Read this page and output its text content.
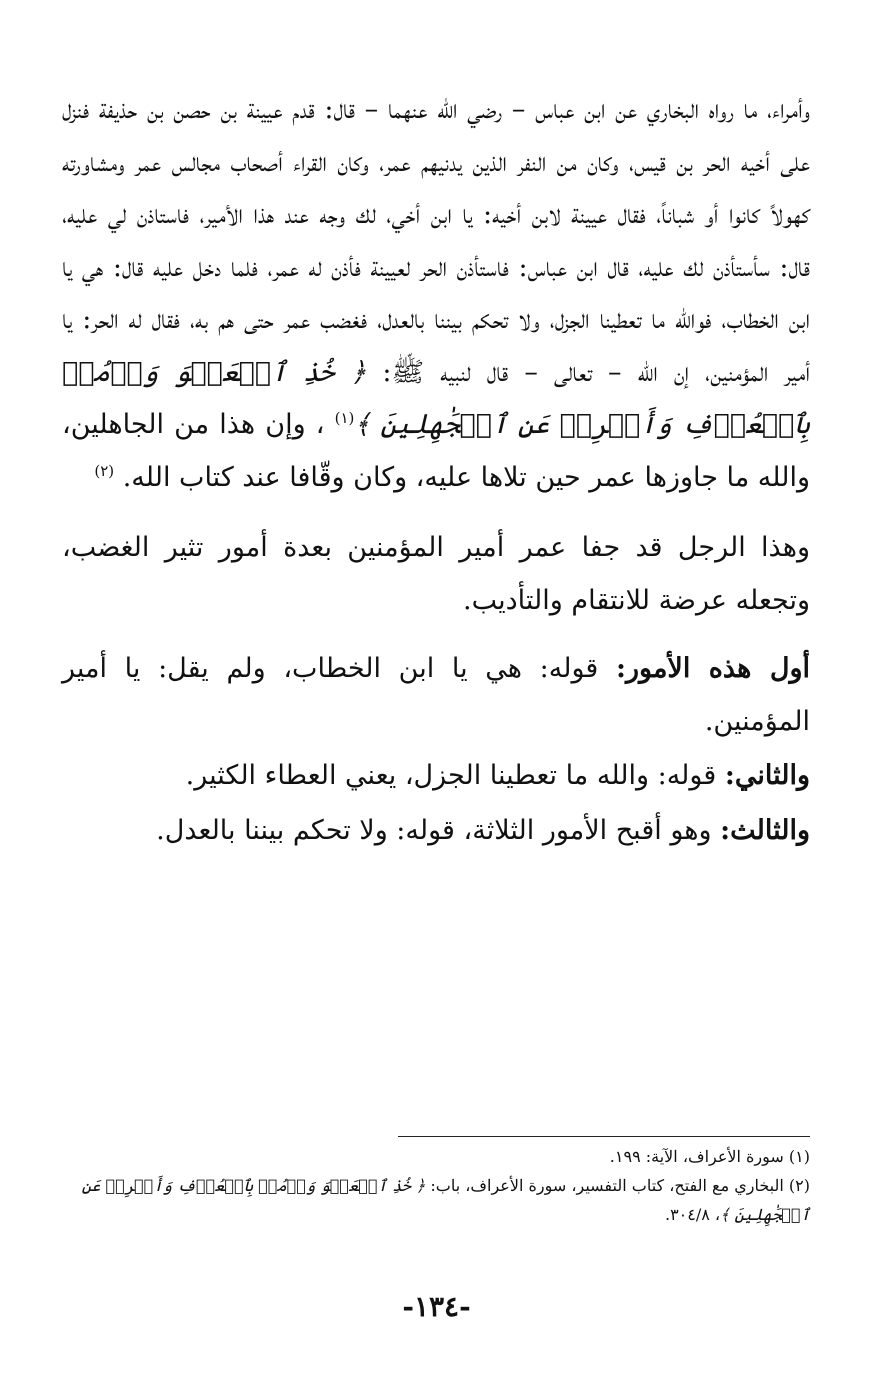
وأمراء، ما رواه البخاري عن ابن عباس – رضي الله عنهما – قال: قدم عيينة بن حصن بن حذيفة فنزل على أخيه الحر بن قيس، وكان من النفر الذين يدنيهم عمر، وكان القراء أصحاب مجالس عمر ومشاورته كهولاً كانوا أو شباناً، فقال عيينة لابن أخيه: يا ابن أخي، لك وجه عند هذا الأمير، فاستاذن لي عليه، قال: سأستأذن لك عليه، قال ابن عباس: فاستأذن الحر لعيينة فأذن له عمر، فلما دخل عليه قال: هي يا ابن الخطاب، فوالله ما تعطينا الجزل، ولا تحكم بيننا بالعدل، فغضب عمر حتى هم به، فقال له الحر: يا أمير المؤمنين، إن الله – تعالى – قال لنبيه ﷺ: ﴿ خُذِ ٱلۡعَفۡوَ وَأۡمُرۡ بِٱلۡعُرۡفِ وَأَعۡرِضۡ عَنِ ٱلۡجَٰهِلِينَ ﴾$^{(١)}$ ، وإن هذا من الجاهلين، والله ما جاوزها عمر حين تلاها عليه، وكان وقّافا عند كتاب الله. $^{(٢)}$

وهذا الرجل قد جفا عمر أمير المؤمنين بعدة أمور تثير الغضب، وتجعله عرضة للانتقام والتأديب.

أول هذه الأمور: قوله: هي يا ابن الخطاب، ولم يقل: يا أمير المؤمنين.

والثاني: قوله: والله ما تعطينا الجزل، يعني العطاء الكثير.

والثالث: وهو أقبح الأمور الثلاثة، قوله: ولا تحكم بيننا بالعدل.

(١) سورة الأعراف، الآية: ١٩٩.

(٢) البخاري مع الفتح، كتاب التفسير، سورة الأعراف، باب: ﴿ خُذِ ٱلۡعَفۡوَ وَأۡمُرۡ بِٱلۡعُرۡفِ وَأَعۡرِضۡ عَنِ ٱلۡجَٰهِلِينَ ﴾، ٣٠٤/٨.

-١٣٤-
